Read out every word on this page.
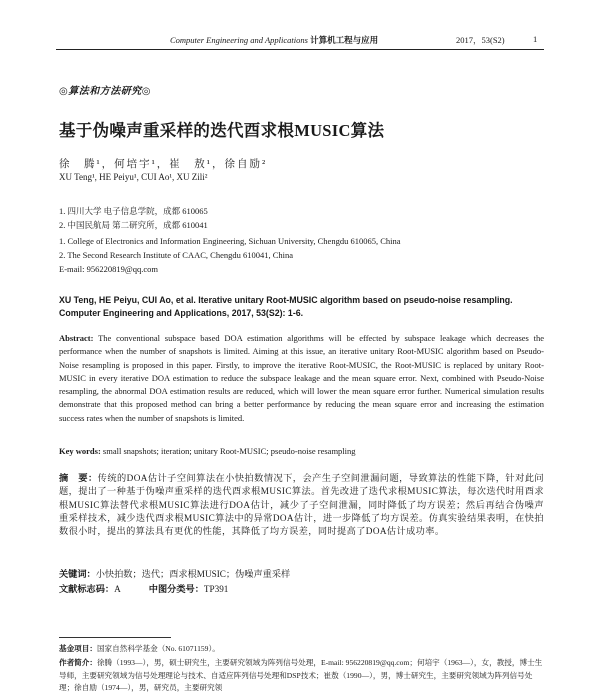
Computer Engineering and Applications 计算机工程与应用	2017，53(S2)	1
◎算法和方法研究◎
基于伪噪声重采样的迭代酉求根MUSIC算法
徐　腾¹，何培宇¹，崔　敖¹，徐自励²
XU Teng¹, HE Peiyu¹, CUI Ao¹, XU Zili²
1. 四川大学 电子信息学院，成都 610065
2. 中国民航局 第二研究所，成都 610041
1. College of Electronics and Information Engineering, Sichuan University, Chengdu 610065, China
2. The Second Research Institute of CAAC, Chengdu 610041, China
E-mail: 956220819@qq.com
XU Teng, HE Peiyu, CUI Ao, et al. Iterative unitary Root-MUSIC algorithm based on pseudo-noise resampling. Computer Engineering and Applications, 2017, 53(S2): 1-6.
Abstract: The conventional subspace based DOA estimation algorithms will be effected by subspace leakage which decreases the performance when the number of snapshots is limited. Aiming at this issue, an iterative unitary Root-MUSIC algorithm based on Pseudo-Noise resampling is proposed in this paper. Firstly, to improve the iterative Root-MUSIC, the Root-MUSIC is replaced by unitary Root-MUSIC in every iterative DOA estimation to reduce the subspace leakage and the mean square error. Next, combined with Pseudo-Noise resampling, the abnormal DOA estimation results are reduced, which will lower the mean square error further. Numerical simulation results demonstrate that this proposed method can bring a better performance by reducing the mean square error and increasing the estimation success rates when the number of snapshots is limited.
Key words: small snapshots; iteration; unitary Root-MUSIC; pseudo-noise resampling
摘　要：传统的DOA估计子空间算法在小快拍数情况下，会产生子空间泄漏问题，导致算法的性能下降，针对此问题，提出了一种基于伪噪声重采样的迭代酉求根MUSIC算法。首先改进了迭代求根MUSIC算法，每次迭代时用酉求根MUSIC算法替代求根MUSIC算法进行DOA估计，减少了子空间泄漏，同时降低了均方误差；然后再结合伪噪声重采样技术，减少迭代酉求根MUSIC算法中的异常DOA估计，进一步降低了均方误差。仿真实验结果表明，在快拍数很小时，提出的算法具有更优的性能，其降低了均方误差，同时提高了DOA估计成功率。
关键词：小快拍数；迭代；酉求根MUSIC；伪噪声重采样
文献标志码：A	中图分类号：TP391
基金项目：国家自然科学基金（No. 61071159）。
作者简介：徐腾（1993—），男，硕士研究生，主要研究领域为阵列信号处理，E-mail: 956220819@qq.com；何培宇（1963—），女，教授，博士生导师，主要研究领域为信号处理理论与技术、自适应阵列信号处理和DSP技术；崔敖（1990—），男，博士研究生，主要研究领域为阵列信号处理；徐自励（1974—），男，研究员，主要研究领
